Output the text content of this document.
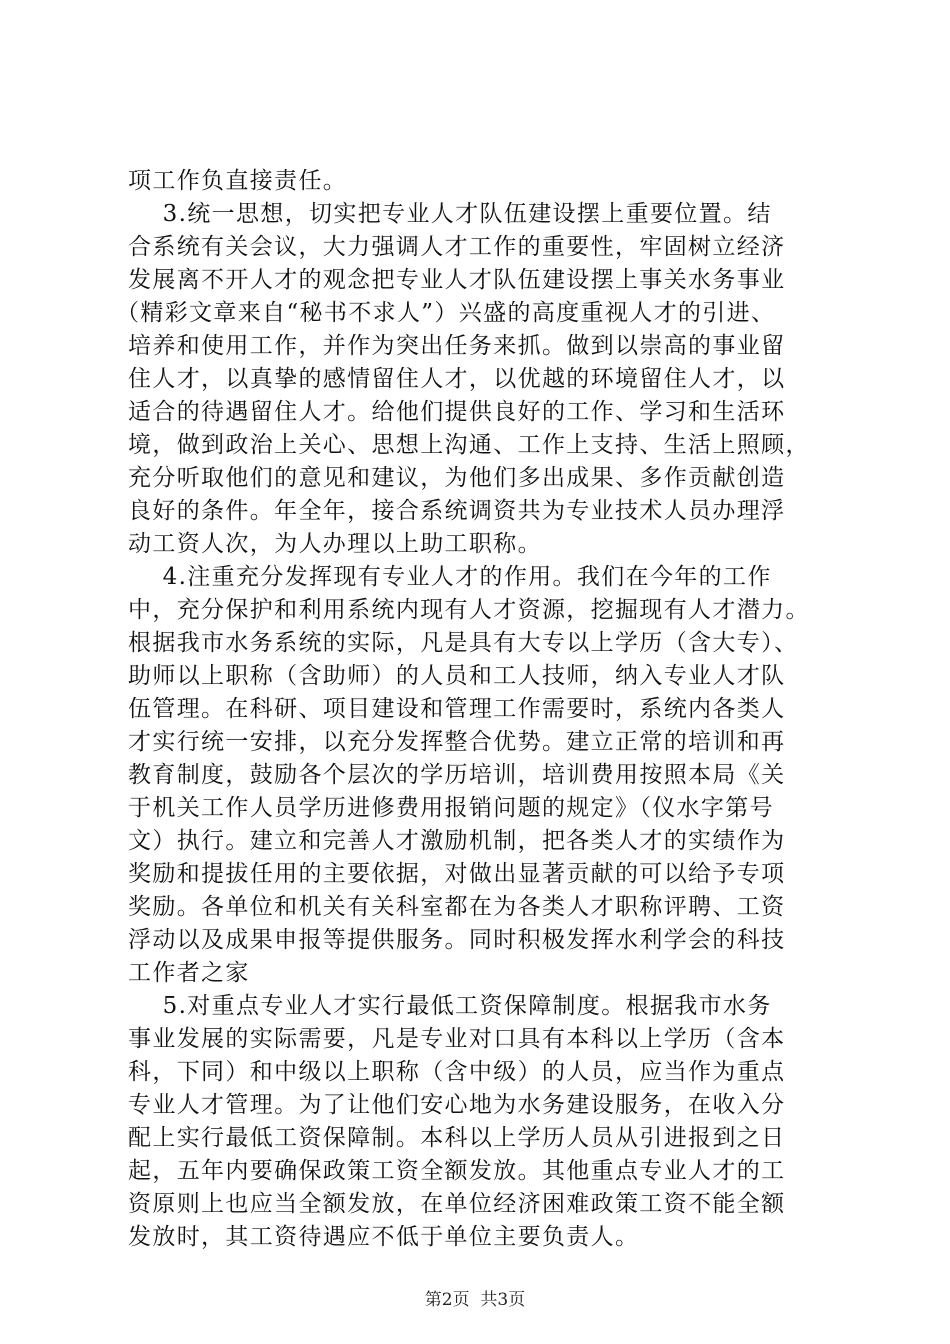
项工作负直接责任。
3.统一思想，切实把专业人才队伍建设摆上重要位置。结
合系统有关会议，大力强调人才工作的重要性，牢固树立经济
发展离不开人才的观念把专业人才队伍建设摆上事关水务事业
（精彩文章来自“秘书不求人”）兴盛的高度重视人才的引进、
培养和使用工作，并作为突出任务来抓。做到以崇高的事业留
住人才，以真挚的感情留住人才，以优越的环境留住人才，以
适合的待遇留住人才。给他们提供良好的工作、学习和生活环
境，做到政治上关心、思想上沟通、工作上支持、生活上照顾，
充分听取他们的意见和建议，为他们多出成果、多作贡献创造
良好的条件。年全年，接合系统调资共为专业技术人员办理浮
动工资人次，为人办理以上助工职称。
4.注重充分发挥现有专业人才的作用。我们在今年的工作
中，充分保护和利用系统内现有人才资源，挖掘现有人才潜力。
根据我市水务系统的实际，凡是具有大专以上学历（含大专）、
助师以上职称（含助师）的人员和工人技师，纳入专业人才队
伍管理。在科研、项目建设和管理工作需要时，系统内各类人
才实行统一安排，以充分发挥整合优势。建立正常的培训和再
教育制度，鼓励各个层次的学历培训，培训费用按照本局《关
于机关工作人员学历进修费用报销问题的规定》（仪水字第号
文）执行。建立和完善人才激励机制，把各类人才的实绩作为
奖励和提拔任用的主要依据，对做出显著贡献的可以给予专项
奖励。各单位和机关有关科室都在为各类人才职称评聘、工资
浮动以及成果申报等提供服务。同时积极发挥水利学会的科技
工作者之家
5.对重点专业人才实行最低工资保障制度。根据我市水务
事业发展的实际需要，凡是专业对口具有本科以上学历（含本
科，下同）和中级以上职称（含中级）的人员，应当作为重点
专业人才管理。为了让他们安心地为水务建设服务，在收入分
配上实行最低工资保障制。本科以上学历人员从引进报到之日
起，五年内要确保政策工资全额发放。其他重点专业人才的工
资原则上也应当全额发放，在单位经济困难政策工资不能全额
发放时，其工资待遇应不低于单位主要负责人。
第2页  共3页
